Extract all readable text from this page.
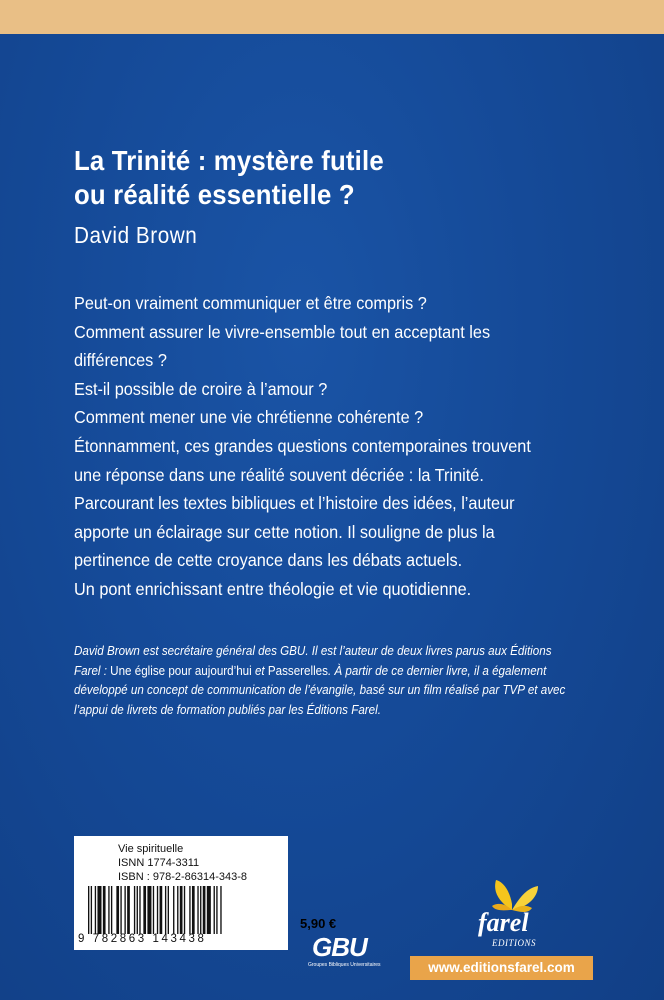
La Trinité : mystère futile
ou réalité essentielle ?
David Brown

Peut-on vraiment communiquer et être compris ?

Comment assurer le vivre-ensemble tout en acceptant les différences ?

Est-il possible de croire à l’amour ?

Comment mener une vie chrétienne cohérente ?

Étonnamment, ces grandes questions contemporaines trouvent une réponse dans une réalité souvent décriée : la Trinité.

Parcourant les textes bibliques et l’histoire des idées, l’auteur apporte un éclairage sur cette notion. Il souligne de plus la pertinence de cette croyance dans les débats actuels.

Un pont enrichissant entre théologie et vie quotidienne.

David Brown est secrétaire général des GBU. Il est l’auteur de deux livres parus aux Éditions Farel : Une église pour aujourd’hui et Passerelles. À partir de ce dernier livre, il a également développé un concept de communication de l’évangile, basé sur un film réalisé par TVP et avec l’appui de livrets de formation publiés par les Éditions Farel.
Vie spirituelle
ISNN 1774-3311
ISBN : 978-2-86314-343-8
9 782863 143438
5,90 €
GBU
Groupes Bibliques Universitaires
farel
EDITIONS
www.editionsfarel.com
